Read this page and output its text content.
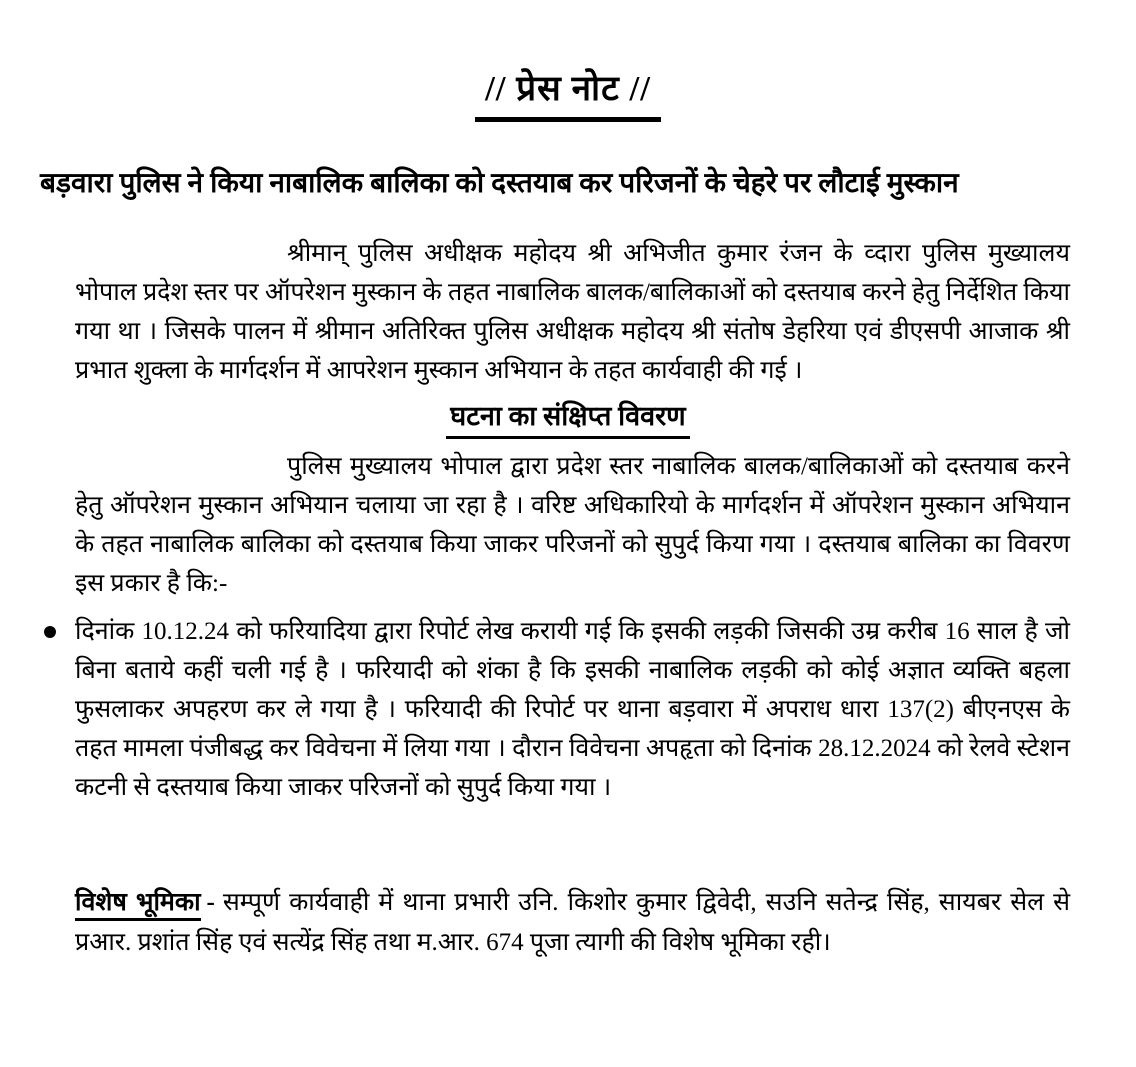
// प्रेस नोट //
बड़वारा पुलिस ने किया नाबालिक बालिका को दस्तयाब कर परिजनों के चेहरे पर लौटाई मुस्कान
श्रीमान् पुलिस अधीक्षक महोदय श्री अभिजीत कुमार रंजन के व्दारा पुलिस मुख्यालय भोपाल प्रदेश स्तर पर ऑपरेशन मुस्कान के तहत नाबालिक बालक/बालिकाओं को दस्तयाब करने हेतु निर्देशित किया गया था । जिसके पालन में श्रीमान अतिरिक्त पुलिस अधीक्षक महोदय श्री संतोष डेहरिया एवं डीएसपी आजाक श्री प्रभात शुक्ला के मार्गदर्शन में आपरेशन मुस्कान अभियान के तहत कार्यवाही की गई ।
घटना का संक्षिप्त विवरण
पुलिस मुख्यालय भोपाल द्वारा प्रदेश स्तर नाबालिक बालक/बालिकाओं को दस्तयाब करने हेतु ऑपरेशन मुस्कान अभियान चलाया जा रहा है । वरिष्ट अधिकारियो के मार्गदर्शन में ऑपरेशन मुस्कान अभियान के तहत नाबालिक बालिका को दस्तयाब किया जाकर परिजनों को सुपुर्द किया गया । दस्तयाब बालिका का विवरण इस प्रकार है कि:-
दिनांक 10.12.24 को फरियादिया द्वारा रिपोर्ट लेख करायी गई कि इसकी लड़की जिसकी उम्र करीब 16 साल है जो बिना बताये कहीं चली गई है । फरियादी को शंका है कि इसकी नाबालिक लड़की को कोई अज्ञात व्यक्ति बहला फुसलाकर अपहरण कर ले गया है । फरियादी की रिपोर्ट पर थाना बड़वारा में अपराध धारा 137(2) बीएनएस के तहत मामला पंजीबद्ध कर विवेचना में लिया गया । दौरान विवेचना अपहृता को दिनांक 28.12.2024 को रेलवे स्टेशन कटनी से दस्तयाब किया जाकर परिजनों को सुपुर्द किया गया ।
विशेष भूमिका - सम्पूर्ण कार्यवाही में थाना प्रभारी उनि. किशोर कुमार द्विवेदी, सउनि सतेन्द्र सिंह, सायबर सेल से प्रआर. प्रशांत सिंह एवं सत्येंद्र सिंह तथा म.आर. 674 पूजा त्यागी की विशेष भूमिका रही।
